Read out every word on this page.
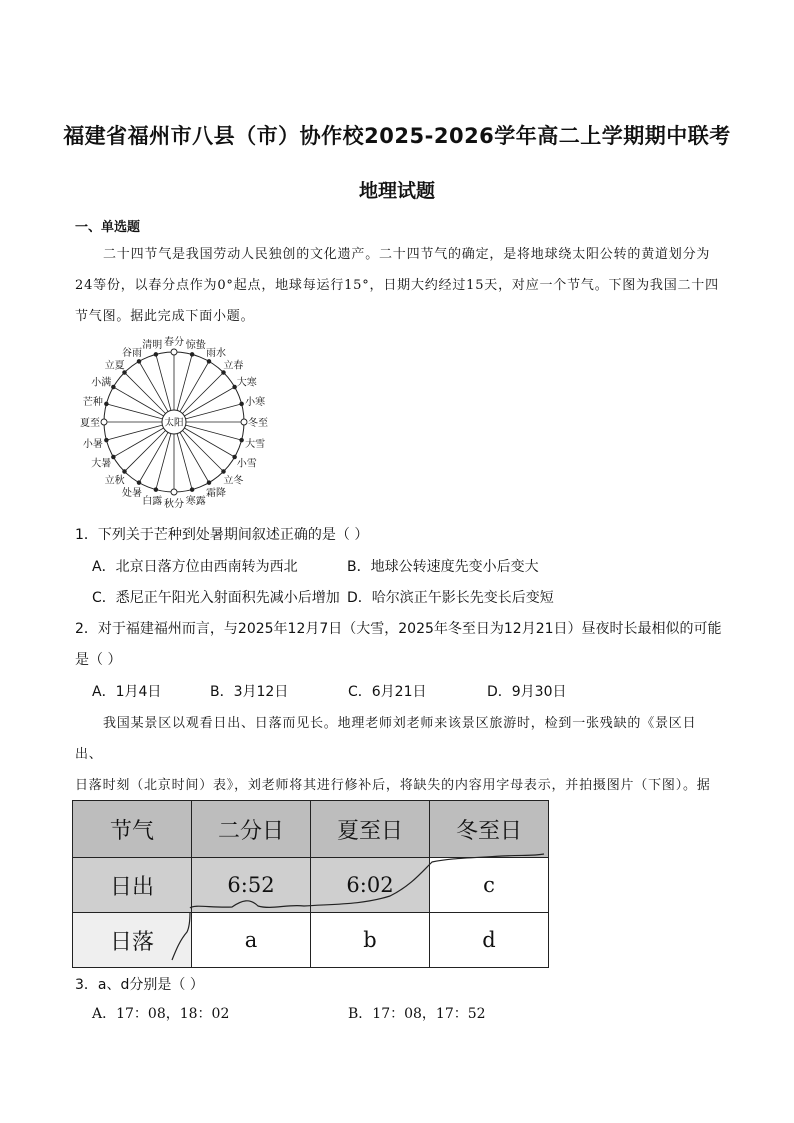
福建省福州市八县（市）协作校2025-2026学年高二上学期期中联考
地理试题
一、单选题
二十四节气是我国劳动人民独创的文化遗产。二十四节气的确定，是将地球绕太阳公转的黄道划分为
24等份，以春分点作为0°起点，地球每运行15°，日期大约经过15天，对应一个节气。下图为我国二十四
节气图。据此完成下面小题。
春分 惊蛰
雨水
立春
大寒
小寒
冬至
大雪
小雪
立冬
霜降
寒露
秋分
白露
处暑
立秋
大暑
小暑
夏至
芒种
小满
立夏
谷雨
清明
太阳
1．下列关于芒种到处暑期间叙述正确的是（ ）
A．北京日落方位由西南转为西北	B．地球公转速度先变小后变大
C．悉尼正午阳光入射面积先减小后增加 D．哈尔滨正午影长先变长后变短
2．对于福建福州而言，与2025年12月7日（大雪，2025年冬至日为12月21日）昼夜时长最相似的可能
是（ ）
A．1月4日	B．3月12日	C．6月21日	D．9月30日
我国某景区以观看日出、日落而见长。地理老师刘老师来该景区旅游时，检到一张残缺的《景区日出、
日落时刻（北京时间）表》，刘老师将其进行修补后，将缺失的内容用字母表示，并拍摄图片（下图）。据
节气	二分日	夏至日	冬至日
日出	6:52	6:02	c
日落	a	b	d
3．a、d分别是（ ）
A．17：08，18：02	B．17：08，17：52
